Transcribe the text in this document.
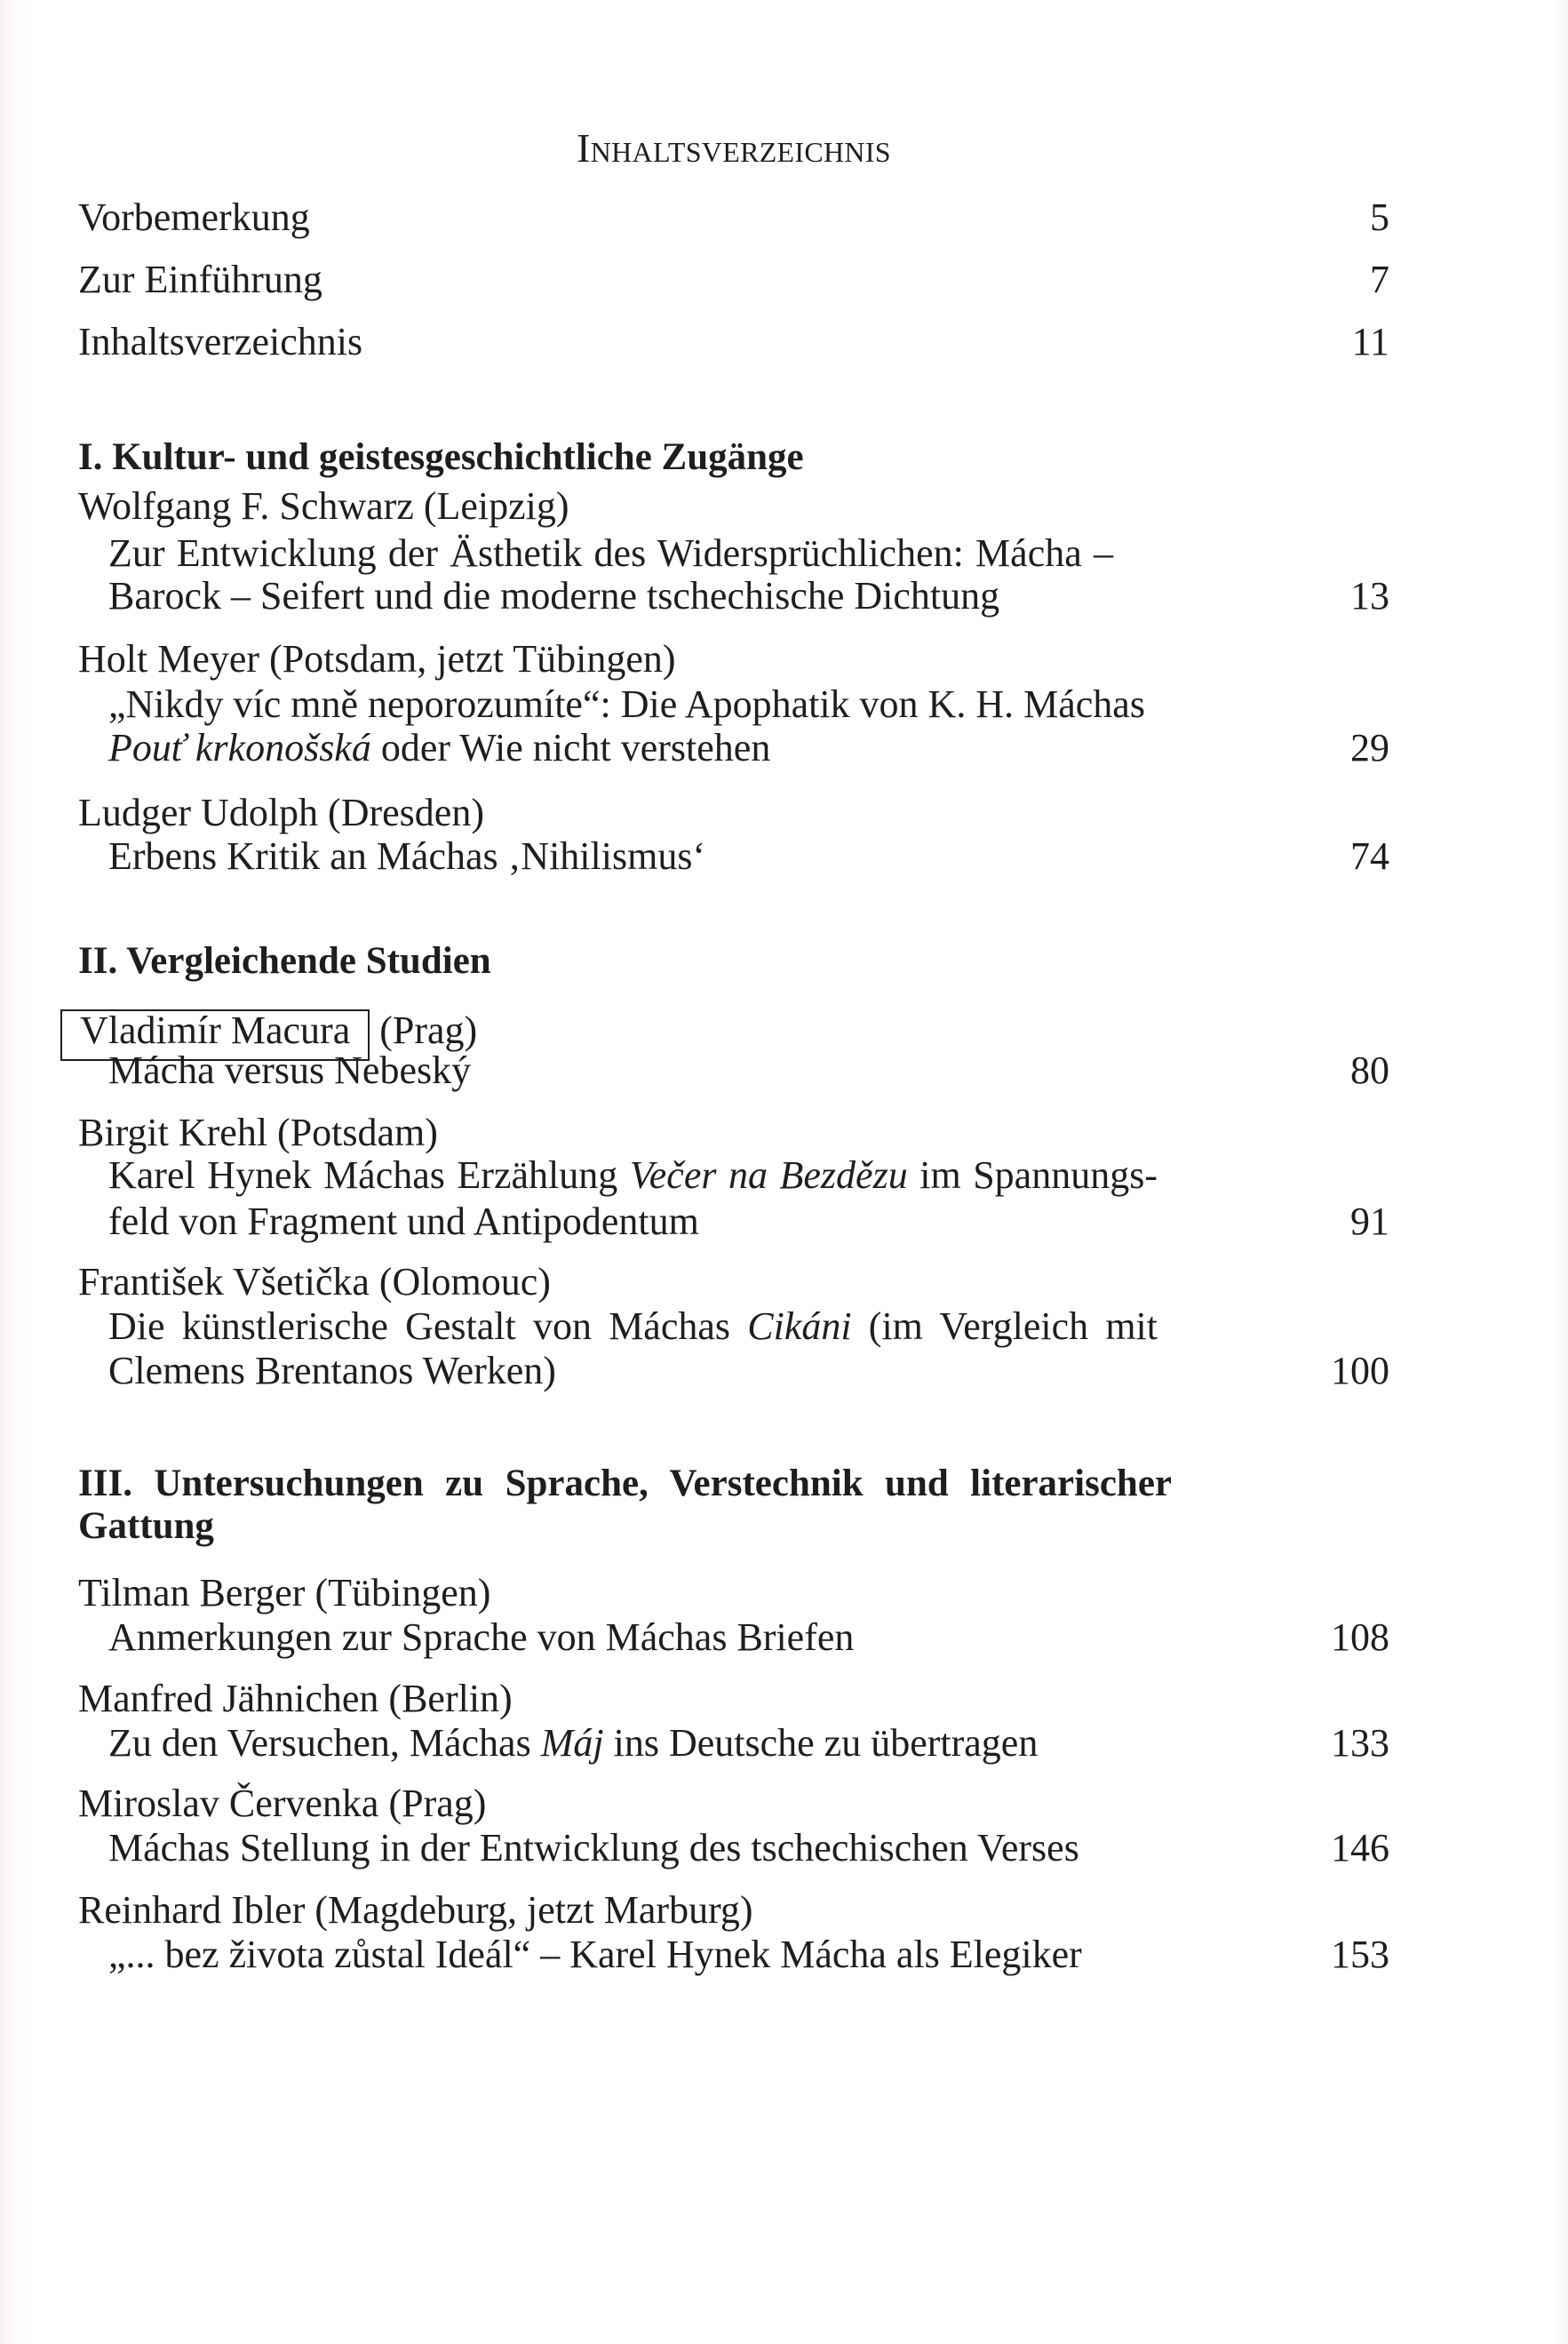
Inhaltsverzeichnis
Vorbemerkung	5
Zur Einführung	7
Inhaltsverzeichnis	11
I. Kultur- und geistesgeschichtliche Zugänge
Wolfgang F. Schwarz (Leipzig)
Zur Entwicklung der Ästhetik des Widersprüchlichen: Mácha –
Barock – Seifert und die moderne tschechische Dichtung	13
Holt Meyer (Potsdam, jetzt Tübingen)
„Nikdy víc mně neporozumíte“: Die Apophatik von K. H. Máchas
Pouť krkonošská oder Wie nicht verstehen	29
Ludger Udolph (Dresden)
Erbens Kritik an Máchas ‚Nihilismus‘	74
II. Vergleichende Studien
Vladimír Macura (Prag)
Mácha versus Nebeský	80
Birgit Krehl (Potsdam)
Karel Hynek Máchas Erzählung Večer na Bezdězu im Spannungs-
feld von Fragment und Antipodentum	91
František Všetička (Olomouc)
Die künstlerische Gestalt von Máchas Cikáni (im Vergleich mit
Clemens Brentanos Werken)	100
III. Untersuchungen zu Sprache, Verstechnik und literarischer
Gattung
Tilman Berger (Tübingen)
Anmerkungen zur Sprache von Máchas Briefen	108
Manfred Jähnichen (Berlin)
Zu den Versuchen, Máchas Máj ins Deutsche zu übertragen	133
Miroslav Červenka (Prag)
Máchas Stellung in der Entwicklung des tschechischen Verses	146
Reinhard Ibler (Magdeburg, jetzt Marburg)
„... bez života zůstal Ideál“ – Karel Hynek Mácha als Elegiker	153
